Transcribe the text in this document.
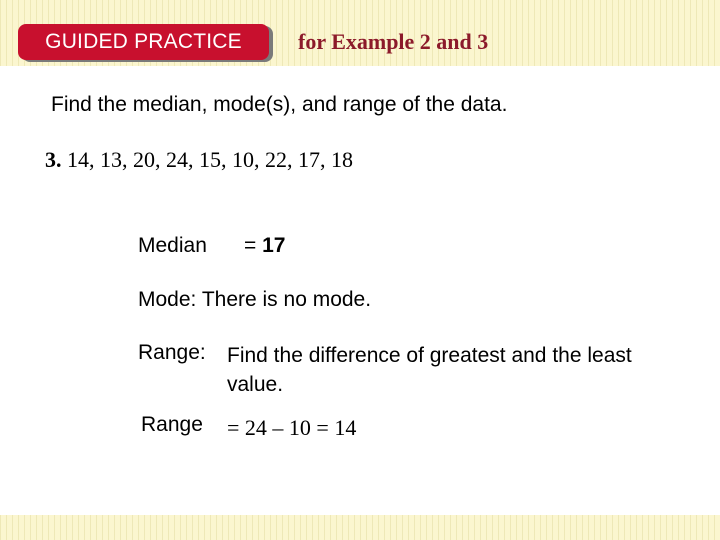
GUIDED PRACTICE	for Example 2 and 3
Find the median, mode(s), and range of the data.
3. 14, 13, 20, 24, 15, 10, 22, 17, 18
Median = 17
Mode: There is no mode.
Range: Find the difference of greatest and the least value.
Range = 24 – 10 = 14
